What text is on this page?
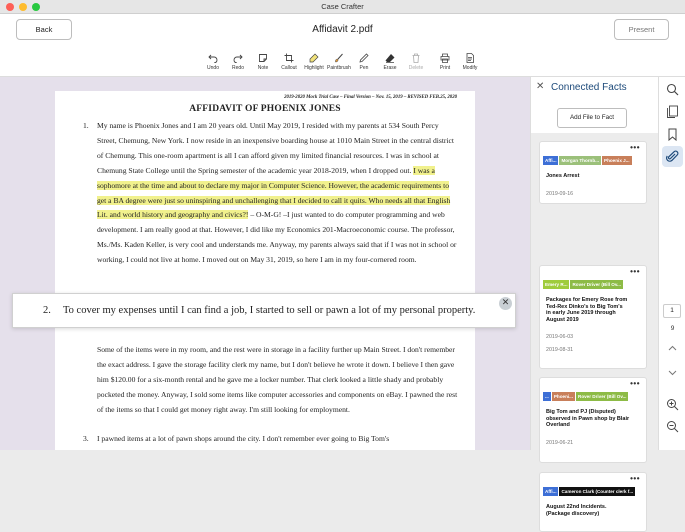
Case Crafter
Back	Affidavit 2.pdf	Present
Undo	Redo	Note	Callout	Highlight Paintbrush	Pen	Erase	Delete	Print	Modify
2019-2020 Mock Trial Case – Final Version – Nov. 15, 2019 – REVISED FEB.25, 2020
AFFIDAVIT OF PHOENIX JONES
1. My name is Phoenix Jones and I am 20 years old. Until May 2019, I resided with my parents at 534 South Percy Street, Chemung, New York. I now reside in an inexpensive boarding house at 1010 Main Street in the central district of Chemung. This one-room apartment is all I can afford given my limited financial resources. I was in school at Chemung State College until the Spring semester of the academic year 2018-2019, when I dropped out. I was a sophomore at the time and about to declare my major in Computer Science. However, the academic requirements to get a BA degree were just so uninspiring and unchallenging that I decided to call it quits. Who needs all that English Lit. and world history and geography and civics?! – O-M-G! –I just wanted to do computer programming and web development. I am really good at that. However, I did like my Economics 201-Macroeconomic course. The professor, Ms./Ms. Kaden Keller, is very cool and understands me. Anyway, my parents always said that if I was not in school or working, I could not live at home. I moved out on May 31, 2019, so here I am in my four-cornered room.
Some of the items were in my room, and the rest were in storage in a facility further up Main Street. I don't remember the exact address. I gave the storage facility clerk my name, but I don't believe he wrote it down. I believe I then gave him $120.00 for a six-month rental and he gave me a locker number. That clerk looked a little shady and probably pocketed the money. Anyway, I sold some items like computer accessories and components on eBay. I pawned the rest of the items so that I could get money right away. I'm still looking for employment.
3. I pawned items at a lot of pawn shops around the city. I don't remember ever going to Big Tom's
2. To cover my expenses until I can find a job, I started to sell or pawn a lot of my personal property.
✕
✕ Connected Facts
Add File to Fact
•••
Affi... Morgan Thornb... Phoenix J...
Jones Arrest
2019-09-16
•••
Emery R... Rover Driver (Bill Ov...
Packages for Emery Rose from
Ted-Rex Dinko's to Big Tom's
in early June 2019 through
August 2019
2019-06-03
2019-08-31
•••
... Phoeni... Rover Driver (Bill Ov...
Big Tom and PJ (Disputed)
observed in Pawn shop by Blair
Overland
2019-06-21
•••
Affi... Cameron Clark (Counter clerk f...
August 22nd Incidents.
(Package discovery)
1
9
